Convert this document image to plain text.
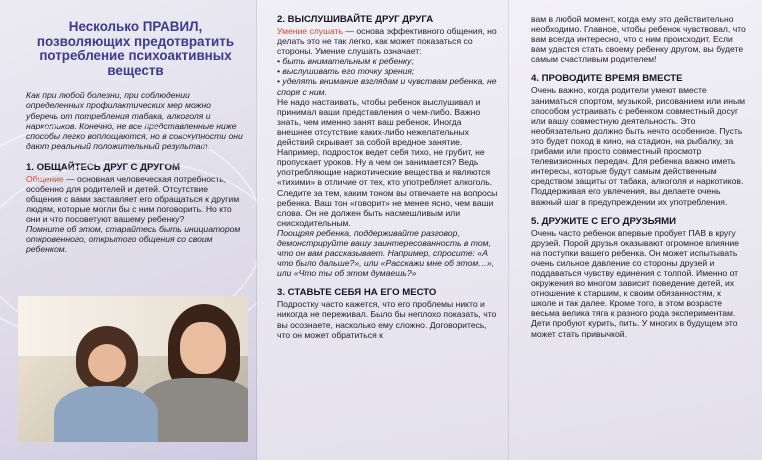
Несколько ПРАВИЛ, позволяющих предотвратить потребление психоактивных веществ

Как при любой болезни, при соблюдении определенных профилактических мер можно уберечь от потребления табака, алкоголя и наркотиков. Конечно, не все представленные ниже способы легко воплощаются, но в совокупности они дают реальный положительный результат.

1. ОБЩАЙТЕСЬ ДРУГ С ДРУГОМ

Общение — основная человеческая потребность, особенно для родителей и детей. Отсутствие общения с вами заставляет его обращаться к другим людям, которые могли бы с ним поговорить. Но кто они и что посоветуют вашему ребенку?

Помните об этом, старайтесь быть инициатором откровенного, открытого общения со своим ребенком.

2. ВЫСЛУШИВАЙТЕ ДРУГ ДРУГА

Умение слушать — основа эффективного общения, но делать это не так легко, как может показаться со стороны. Умение слушать означает:

• быть внимательным к ребенку;
• выслушивать его точку зрения;
• уделять внимание взглядам и чувствам ребенка, не споря с ним.

Не надо настаивать, чтобы ребенок выслушивал и принимал ваши представления о чем-либо. Важно знать, чем именно занят ваш ребенок. Иногда внешнее отсутствие каких-либо нежелательных действий скрывает за собой вредное занятие. Например, подросток ведет себя тихо, не грубит, не пропускает уроков. Ну а чем он занимается? Ведь употребляющие наркотические вещества и являются «тихими» в отличие от тех, кто употребляет алкоголь. Следите за тем, каким тоном вы отвечаете на вопросы ребенка. Ваш тон «говорит» не менее ясно, чем ваши слова. Он не должен быть насмешливым или снисходительным.

Поощряя ребенка, поддерживайте разговор, демонстрируйте вашу заинтересованность в том, что он вам рассказывает. Например, спросите: «А что было дальше?», или «Расскажи мне об этом…», или «Что ты об этом думаешь?»

3. СТАВЬТЕ СЕБЯ НА ЕГО МЕСТО

Подростку часто кажется, что его проблемы никто и никогда не переживал. Было бы неплохо показать, что вы осознаете, насколько ему сложно. Договоритесь, что он может обратиться к

вам в любой момент, когда ему это действительно необходимо. Главное, чтобы ребенок чувствовал, что вам всегда интересно, что с ним происходит. Если вам удастся стать своему ребенку другом, вы будете самым счастливым родителем!

4. ПРОВОДИТЕ ВРЕМЯ ВМЕСТЕ

Очень важно, когда родители умеют вместе заниматься спортом, музыкой, рисованием или иным способом устраивать с ребенком совместный досуг или вашу совместную деятельность. Это необязательно должно быть нечто особенное. Пусть это будет поход в кино, на стадион, на рыбалку, за грибами или просто совместный просмотр телевизионных передач. Для ребенка важно иметь интересы, которые будут самым действенным средством защиты от табака, алкоголя и наркотиков. Поддерживая его увлечения, вы делаете очень важный шаг в предупреждении их употребления.

5. ДРУЖИТЕ С ЕГО ДРУЗЬЯМИ

Очень часто ребенок впервые пробует ПАВ в кругу друзей. Порой друзья оказывают огромное влияние на поступки вашего ребенка. Он может испытывать очень сильное давление со стороны друзей и поддаваться чувству единения с толпой. Именно от окружения во многом зависит поведение детей, их отношение к старшим, к своим обязанностям, к школе и так далее. Кроме того, в этом возрасте весьма велика тяга к разного рода экспериментам. Дети пробуют курить, пить. У многих в будущем это может стать привычкой.
